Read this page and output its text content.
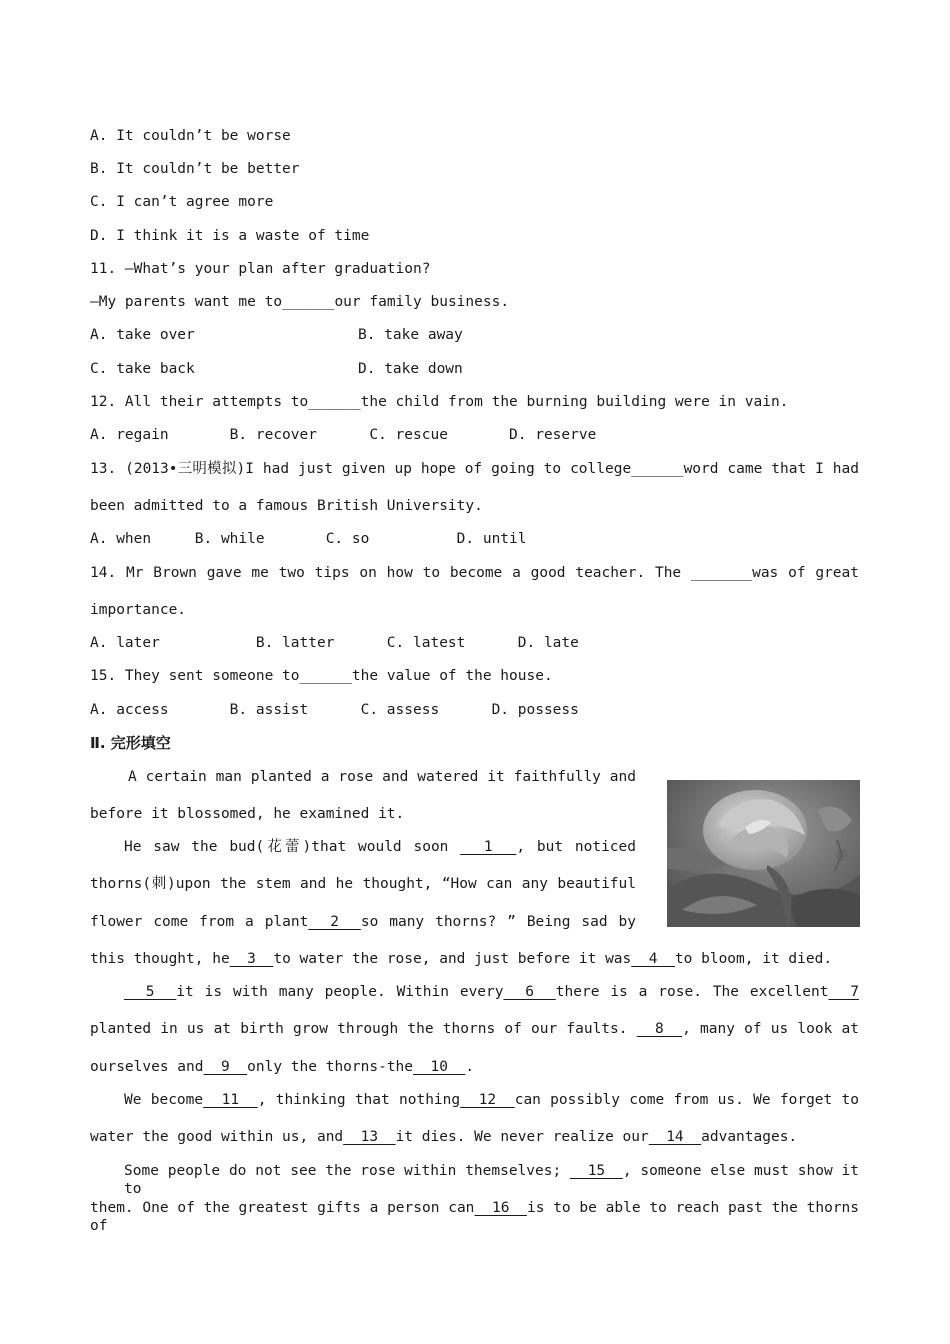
A. It couldn’t be worse
B. It couldn’t be better
C. I can’t agree more
D. I think it is a waste of time
11. —What’s your plan after graduation?
—My parents want me to______our family business.
A. take over	B. take away
C. take back	D. take down
12. All their attempts to______the child from the burning building were in vain.
A. regain       B. recover      C. rescue       D. reserve
13. (2013•三明模拟)I had just given up hope of going to college______word came that I had
been admitted to a famous British University.
A. when     B. while       C. so          D. until
14. Mr Brown gave me two tips on how to become a good teacher. The _______was of great
importance.
A. later           B. latter      C. latest      D. late
15. They sent someone to______the value of the house.
A. access       B. assist      C. assess      D. possess
Ⅱ. 完形填空
A certain man planted a rose and watered it faithfully and
before it blossomed, he examined it.
He saw the bud(花蕾)that would soon   1  , but noticed
thorns(刺)upon the stem and he thought, “How can any beautiful
flower come from a plant  2  so many thorns? ” Being sad by
this thought, he  3  to water the rose, and just before it was  4  to bloom, it died.
5  it is with many people. Within every  6  there is a rose. The excellent  7
planted in us at birth grow through the thorns of our faults.   8  , many of us look at
ourselves and  9  only the thorns-the  10  .
We become  11  , thinking that nothing  12  can possibly come from us. We forget to
water the good within us, and  13  it dies. We never realize our  14  advantages.
Some people do not see the rose within themselves;   15  , someone else must show it to
them. One of the greatest gifts a person can  16  is to be able to reach past the thorns of
